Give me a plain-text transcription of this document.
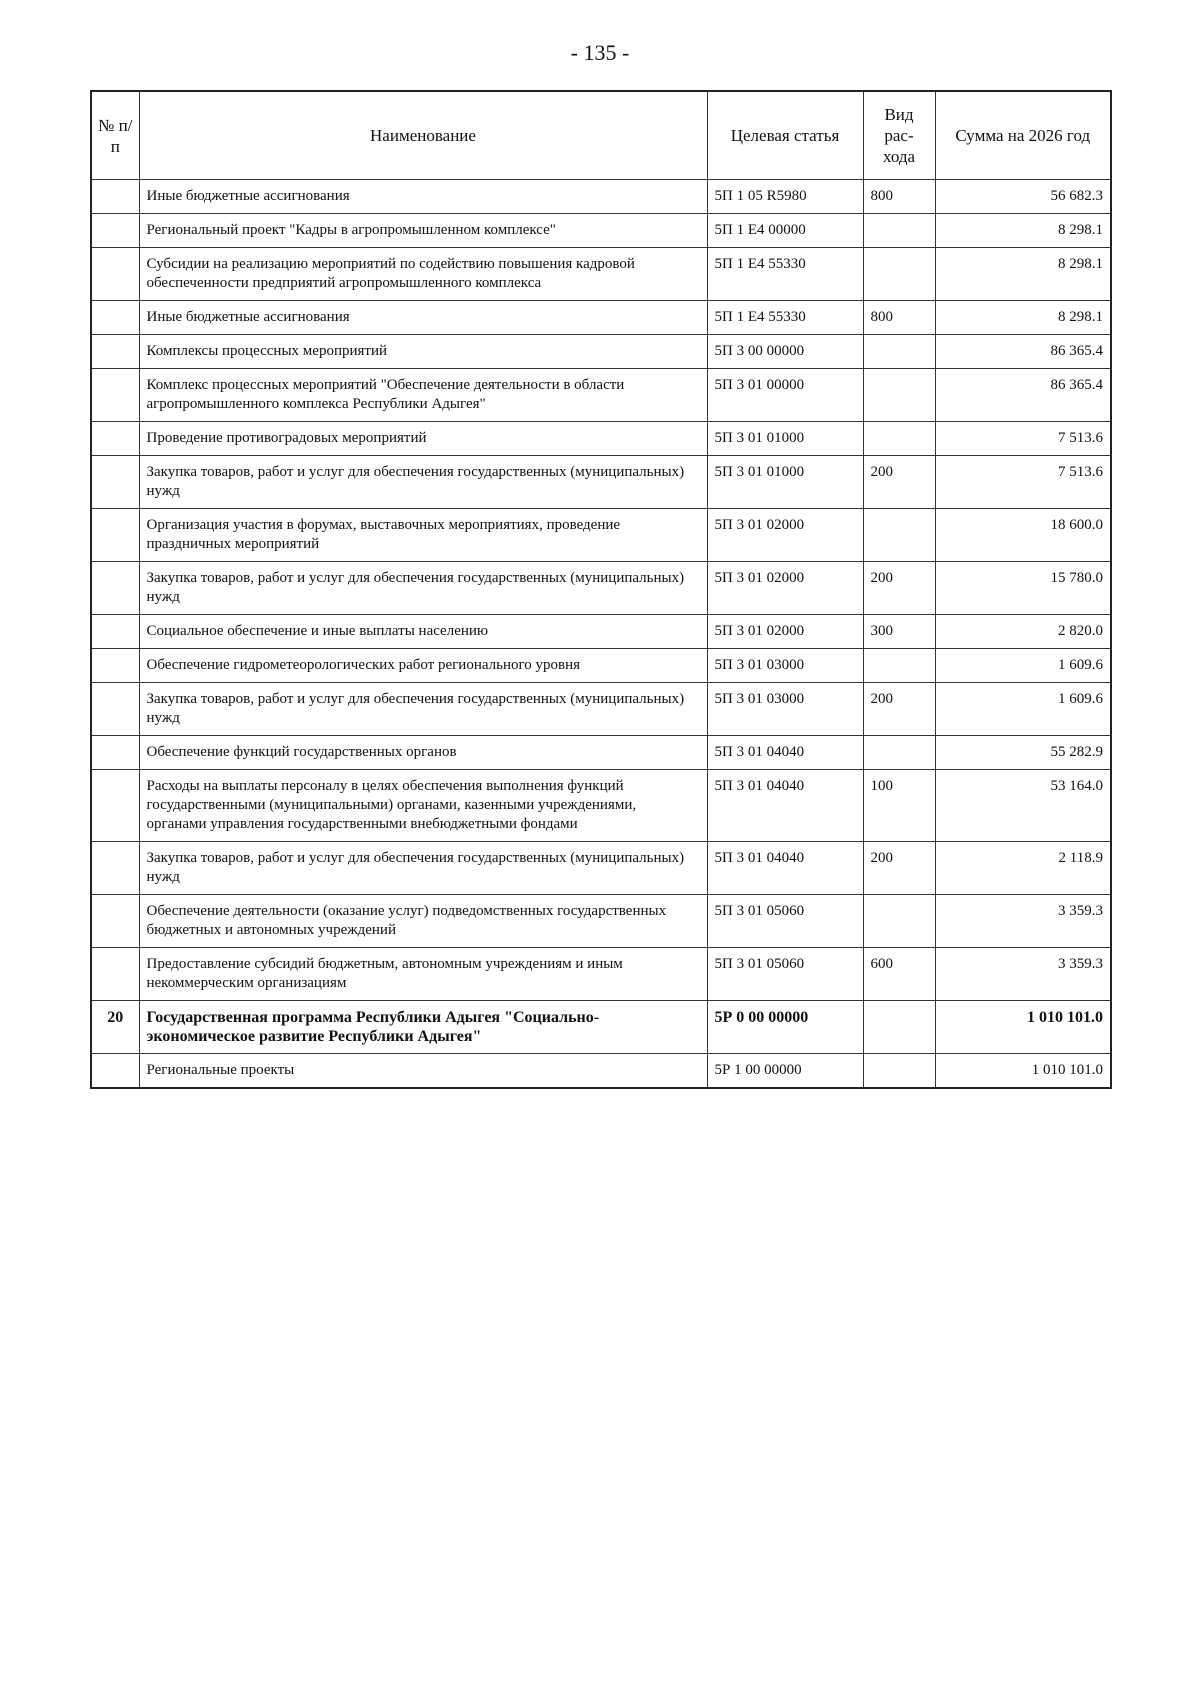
- 135 -
№ п/п	Наименование	Целевая статья	Вид рас-хода	Сумма на 2026 год
	Иные бюджетные ассигнования	5П 1 05 R5980	800	56 682.3
	Региональный проект "Кадры в агропромышленном комплексе"	5П 1 Е4 00000		8 298.1
	Субсидии на реализацию мероприятий по содействию повышения кадровой обеспеченности предприятий агропромышленного комплекса	5П 1 Е4 55330		8 298.1
	Иные бюджетные ассигнования	5П 1 Е4 55330	800	8 298.1
	Комплексы процессных мероприятий	5П 3 00 00000		86 365.4
	Комплекс процессных мероприятий "Обеспечение деятельности в области агропромышленного комплекса Республики Адыгея"	5П 3 01 00000		86 365.4
	Проведение противоградовых мероприятий	5П 3 01 01000		7 513.6
	Закупка товаров, работ и услуг для обеспечения государственных (муниципальных) нужд	5П 3 01 01000	200	7 513.6
	Организация участия в форумах, выставочных мероприятиях, проведение праздничных мероприятий	5П 3 01 02000		18 600.0
	Закупка товаров, работ и услуг для обеспечения государственных (муниципальных) нужд	5П 3 01 02000	200	15 780.0
	Социальное обеспечение и иные выплаты населению	5П 3 01 02000	300	2 820.0
	Обеспечение гидрометеорологических работ регионального уровня	5П 3 01 03000		1 609.6
	Закупка товаров, работ и услуг для обеспечения государственных (муниципальных) нужд	5П 3 01 03000	200	1 609.6
	Обеспечение функций государственных органов	5П 3 01 04040		55 282.9
	Расходы на выплаты персоналу в целях обеспечения выполнения функций государственными (муниципальными) органами, казенными учреждениями, органами управления государственными внебюджетными фондами	5П 3 01 04040	100	53 164.0
	Закупка товаров, работ и услуг для обеспечения государственных (муниципальных) нужд	5П 3 01 04040	200	2 118.9
	Обеспечение деятельности (оказание услуг) подведомственных государственных бюджетных и автономных учреждений	5П 3 01 05060		3 359.3
	Предоставление субсидий бюджетным, автономным учреждениям и иным некоммерческим организациям	5П 3 01 05060	600	3 359.3
20	Государственная программа Республики Адыгея "Социально-экономическое развитие Республики Адыгея"	5Р 0 00 00000		1 010 101.0
	Региональные проекты	5Р 1 00 00000		1 010 101.0
